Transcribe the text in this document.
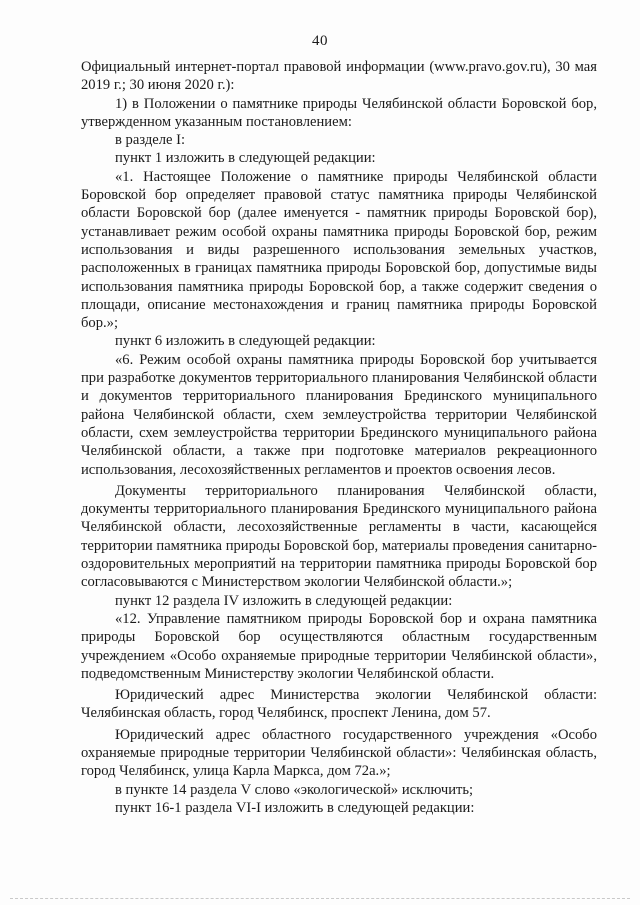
40

Официальный интернет-портал правовой информации (www.pravo.gov.ru), 30 мая 2019 г.; 30 июня 2020 г.):

1) в Положении о памятнике природы Челябинской области Боровской бор, утвержденном указанным постановлением:

в разделе I:

пункт 1 изложить в следующей редакции:

«1. Настоящее Положение о памятнике природы Челябинской области Боровской бор определяет правовой статус памятника природы Челябинской области Боровской бор (далее именуется - памятник природы Боровской бор), устанавливает режим особой охраны памятника природы Боровской бор, режим использования и виды разрешенного использования земельных участков, расположенных в границах памятника природы Боровской бор, допустимые виды использования памятника природы Боровской бор, а также содержит сведения о площади, описание местонахождения и границ памятника природы Боровской бор.»;

пункт 6 изложить в следующей редакции:

«6. Режим особой охраны памятника природы Боровской бор учитывается при разработке документов территориального планирования Челябинской области и документов территориального планирования Брединского муниципального района Челябинской области, схем землеустройства территории Челябинской области, схем землеустройства территории Брединского муниципального района Челябинской области, а также при подготовке материалов рекреационного использования, лесохозяйственных регламентов и проектов освоения лесов.

Документы территориального планирования Челябинской области, документы территориального планирования Брединского муниципального района Челябинской области, лесохозяйственные регламенты в части, касающейся территории памятника природы Боровской бор, материалы проведения санитарно-оздоровительных мероприятий на территории памятника природы Боровской бор согласовываются с Министерством экологии Челябинской области.»;

пункт 12 раздела IV изложить в следующей редакции:

«12. Управление памятником природы Боровской бор и охрана памятника природы Боровской бор осуществляются областным государственным учреждением «Особо охраняемые природные территории Челябинской области», подведомственным Министерству экологии Челябинской области.

Юридический адрес Министерства экологии Челябинской области: Челябинская область, город Челябинск, проспект Ленина, дом 57.

Юридический адрес областного государственного учреждения «Особо охраняемые природные территории Челябинской области»: Челябинская область, город Челябинск, улица Карла Маркса, дом 72а.»;

в пункте 14 раздела V слово «экологической» исключить;

пункт 16-1 раздела VI-I изложить в следующей редакции:
